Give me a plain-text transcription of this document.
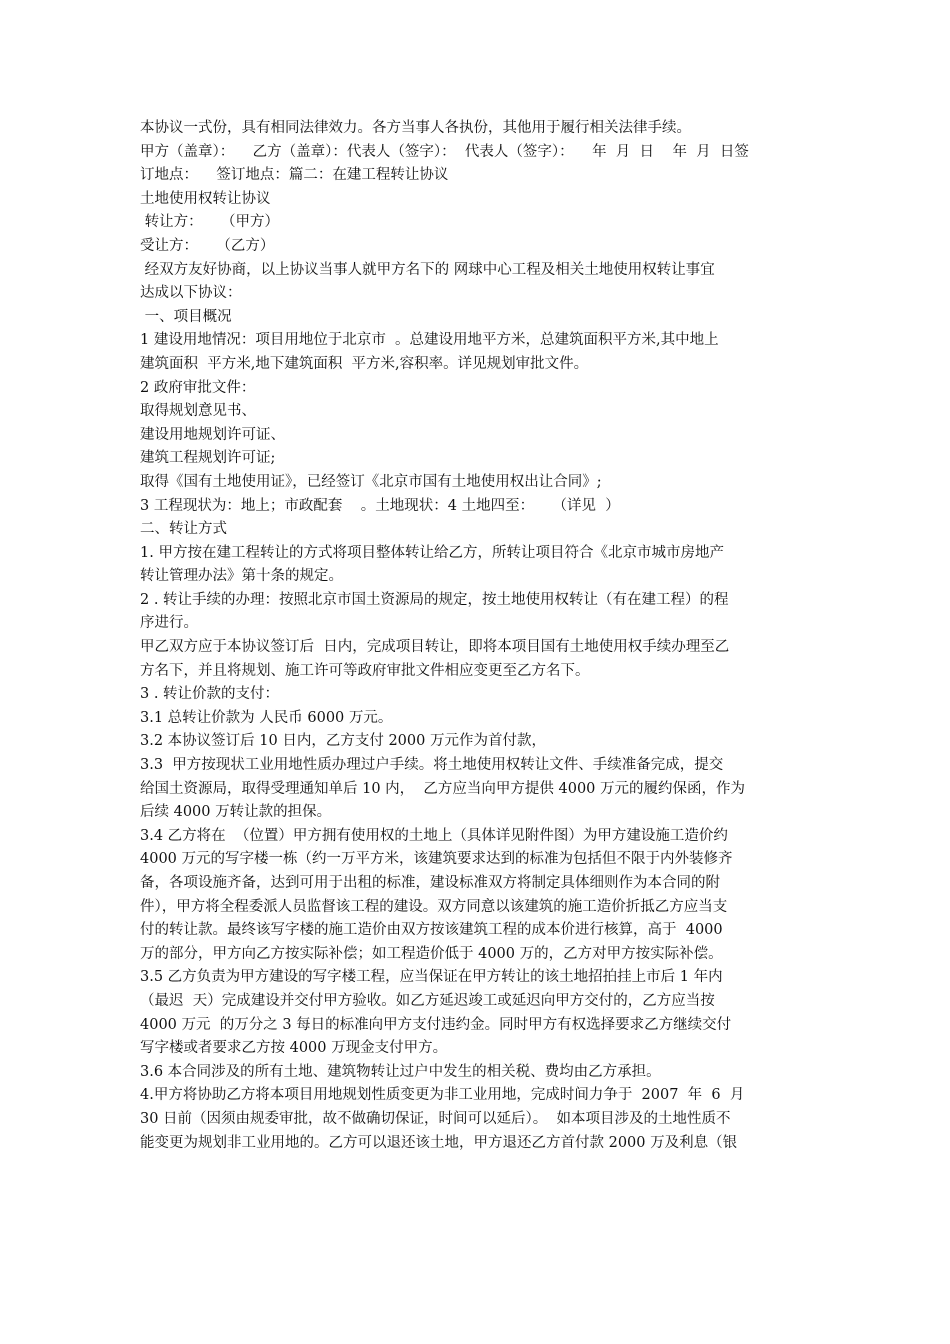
本协议一式份，具有相同法律效力。各方当事人各执份，其他用于履行相关法律手续。
甲方（盖章）：    乙方（盖章）：代表人（签字）：  代表人（签字）：    年  月  日    年  月  日签
订地点：    签订地点：篇二：在建工程转让协议
土地使用权转让协议
转让方：    （甲方）
受让方：    （乙方）
经双方友好协商，以上协议当事人就甲方名下的 网球中心工程及相关土地使用权转让事宜
达成以下协议：
一、项目概况
1 建设用地情况：项目用地位于北京市  。总建设用地平方米，总建筑面积平方米,其中地上
建筑面积  平方米,地下建筑面积  平方米,容积率。详见规划审批文件。
2 政府审批文件：
取得规划意见书、
建设用地规划许可证、
建筑工程规划许可证;
取得《国有土地使用证》，已经签订《北京市国有土地使用权出让合同》;
3 工程现状为：地上；市政配套    。土地现状：4 土地四至：    （详见  ）
二、转让方式
1. 甲方按在建工程转让的方式将项目整体转让给乙方，所转让项目符合《北京市城市房地产
转让管理办法》第十条的规定。
2 . 转让手续的办理：按照北京市国土资源局的规定，按土地使用权转让（有在建工程）的程
序进行。
甲乙双方应于本协议签订后  日内，完成项目转让，即将本项目国有土地使用权手续办理至乙
方名下，并且将规划、施工许可等政府审批文件相应变更至乙方名下。
3 . 转让价款的支付：
3.1 总转让价款为 人民币 6000 万元。
3.2 本协议签订后 10 日内，乙方支付 2000 万元作为首付款，
3.3  甲方按现状工业用地性质办理过户手续。将土地使用权转让文件、手续准备完成，提交
给国土资源局，取得受理通知单后 10 内，  乙方应当向甲方提供 4000 万元的履约保函，作为
后续 4000 万转让款的担保。
3.4 乙方将在  （位置）甲方拥有使用权的土地上（具体详见附件图）为甲方建设施工造价约
4000 万元的写字楼一栋（约一万平方米，该建筑要求达到的标准为包括但不限于内外装修齐
备，各项设施齐备，达到可用于出租的标准，建设标准双方将制定具体细则作为本合同的附
件），甲方将全程委派人员监督该工程的建设。双方同意以该建筑的施工造价折抵乙方应当支
付的转让款。最终该写字楼的施工造价由双方按该建筑工程的成本价进行核算，高于  4000
万的部分，甲方向乙方按实际补偿；如工程造价低于 4000 万的，乙方对甲方按实际补偿。
3.5 乙方负责为甲方建设的写字楼工程，应当保证在甲方转让的该土地招拍挂上市后 1 年内
（最迟  天）完成建设并交付甲方验收。如乙方延迟竣工或延迟向甲方交付的，乙方应当按
4000 万元  的万分之 3 每日的标准向甲方支付违约金。同时甲方有权选择要求乙方继续交付
写字楼或者要求乙方按 4000 万现金支付甲方。
3.6 本合同涉及的所有土地、建筑物转让过户中发生的相关税、费均由乙方承担。
4.甲方将协助乙方将本项目用地规划性质变更为非工业用地，完成时间力争于  2007  年  6  月
30 日前（因须由规委审批，故不做确切保证，时间可以延后）。  如本项目涉及的土地性质不
能变更为规划非工业用地的。乙方可以退还该土地，甲方退还乙方首付款 2000 万及利息（银
